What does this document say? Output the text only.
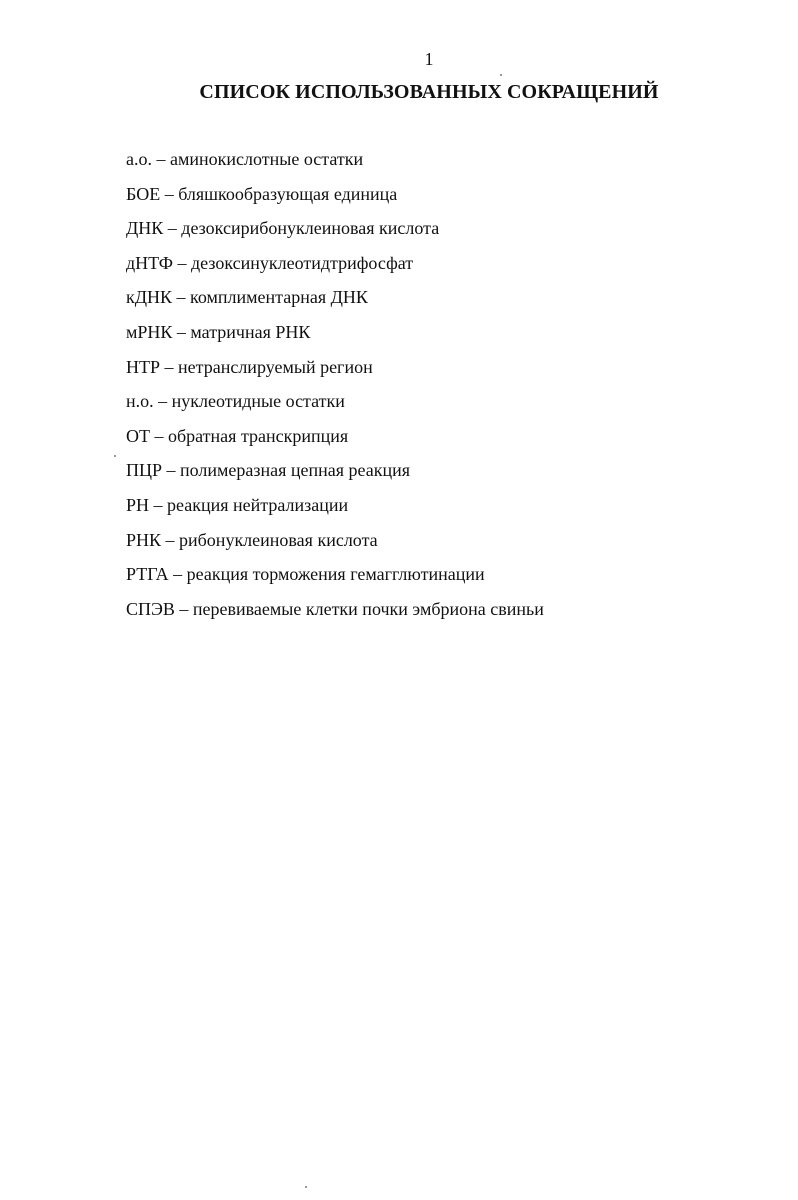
1
СПИСОК ИСПОЛЬЗОВАННЫХ СОКРАЩЕНИЙ
а.о. – аминокислотные остатки
БОЕ – бляшкообразующая единица
ДНК – дезоксирибонуклеиновая кислота
дНТФ – дезоксинуклеотидтрифосфат
кДНК – комплиментарная ДНК
мРНК – матричная РНК
НТР – нетранслируемый регион
н.о. – нуклеотидные остатки
ОТ – обратная транскрипция
ПЦР – полимеразная цепная реакция
РН – реакция нейтрализации
РНК – рибонуклеиновая кислота
РТГА – реакция торможения гемагглютинации
СПЭВ – перевиваемые клетки почки эмбриона свиньи
